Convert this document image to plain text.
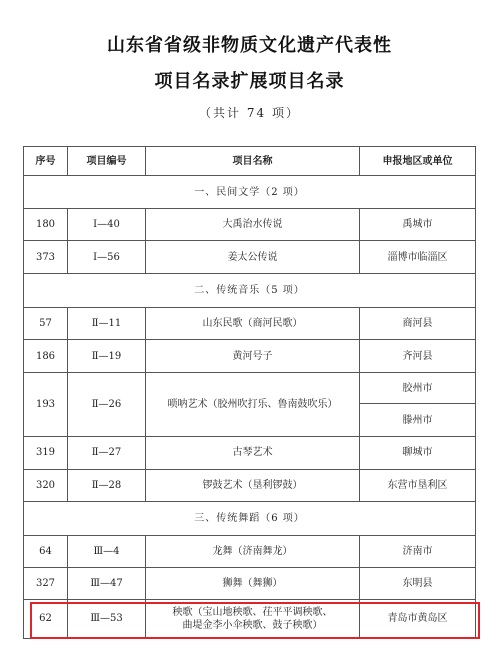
山东省省级非物质文化遗产代表性
项目名录扩展项目名录
（共计 74 项）
序号	项目编号	项目名称	申报地区或单位
一、民间文学（2 项）			
180	Ⅰ—40	大禹治水传说	禹城市
373	Ⅰ—56	姜太公传说	淄博市临淄区
二、传统音乐（5 项）			
57	Ⅱ—11	山东民歌（商河民歌）	商河县
186	Ⅱ—19	黄河号子	齐河县
193	Ⅱ—26	唢呐艺术（胶州吹打乐、鲁南鼓吹乐）	胶州市
			滕州市
319	Ⅱ—27	古琴艺术	聊城市
320	Ⅱ—28	锣鼓艺术（垦利锣鼓）	东营市垦利区
三、传统舞蹈（6 项）			
64	Ⅲ—4	龙舞（济南舞龙）	济南市
327	Ⅲ—47	狮舞（舞狮）	东明县
62	Ⅲ—53	秧歌（宝山地秧歌、茌平平调秧歌、
曲堤金李小伞秧歌、鼓子秧歌）	青岛市黄岛区
